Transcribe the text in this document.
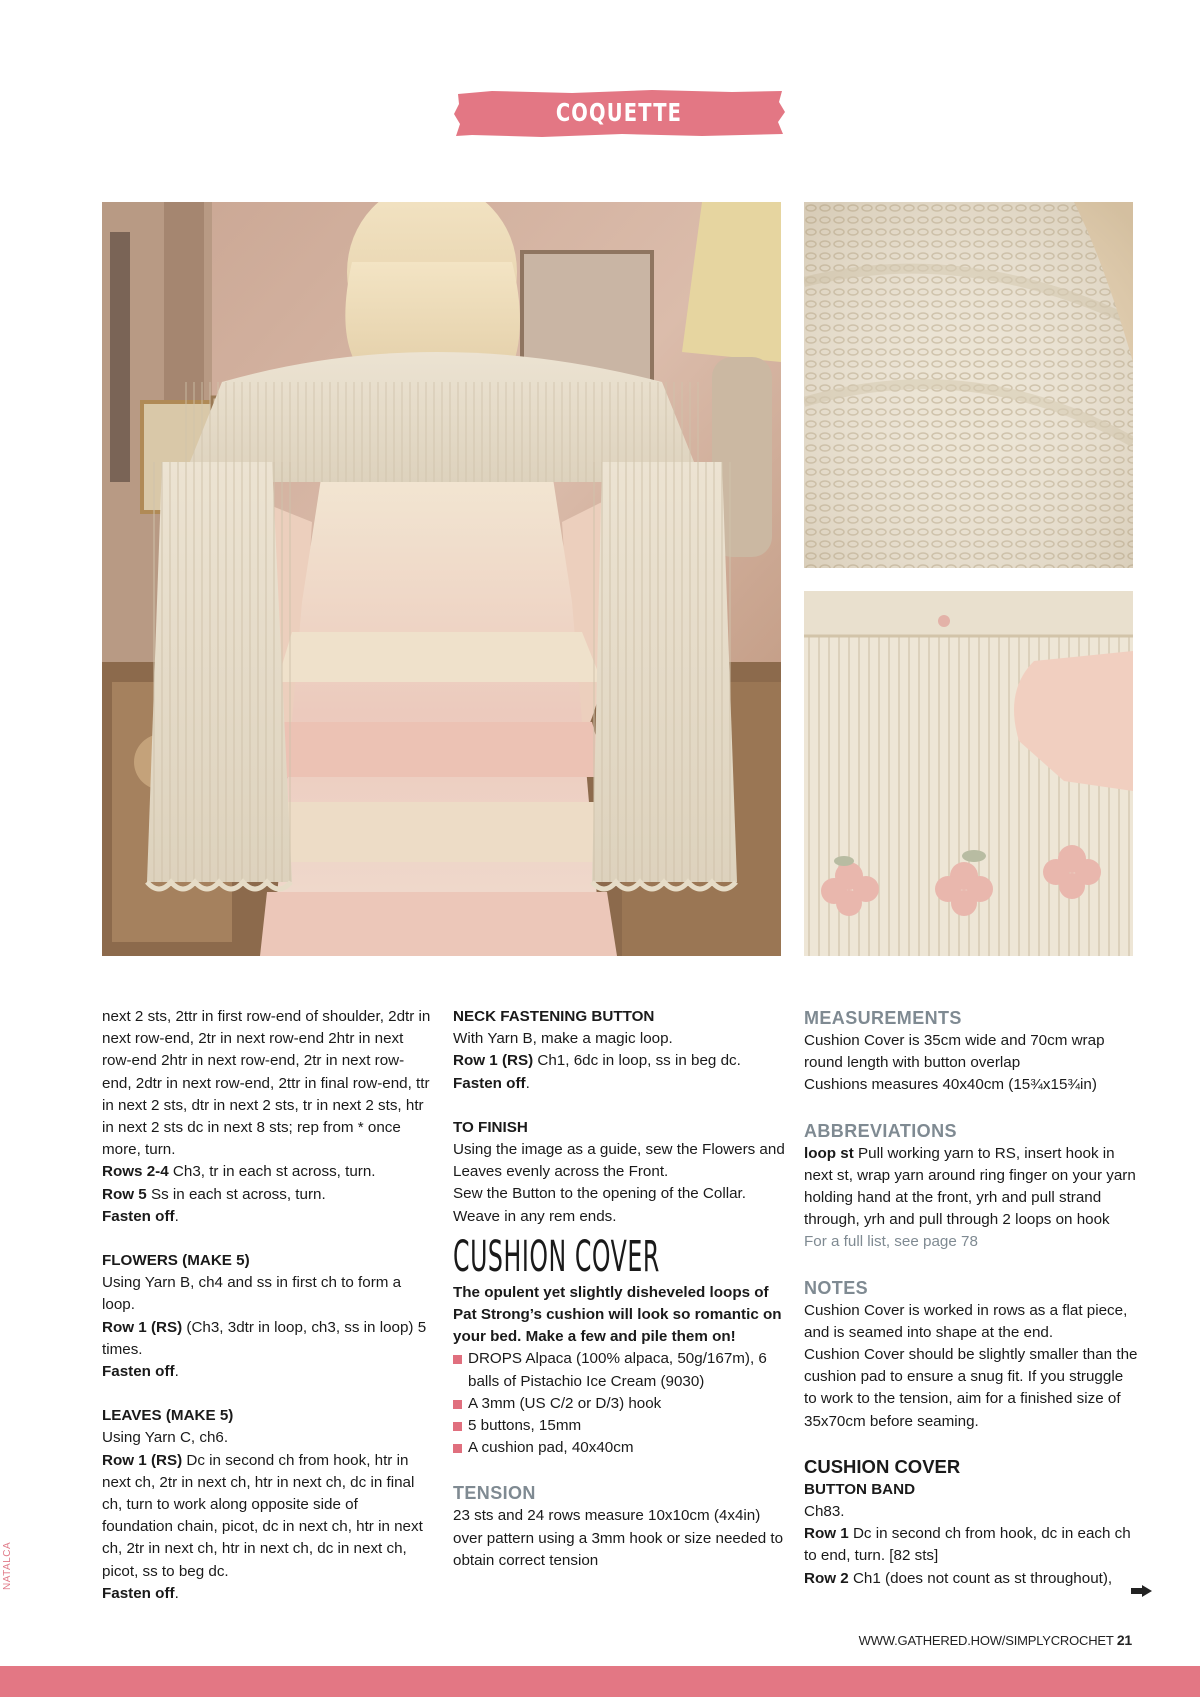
COQUETTE COLLECTION

next 2 sts, 2ttr in first row-end of shoulder, 2dtr in next row-end, 2tr in next row-end 2htr in next row-end 2htr in next row-end, 2tr in next row-end, 2dtr in next row-end, 2ttr in final row-end, ttr in next 2 sts, dtr in next 2 sts, tr in next 2 sts, htr in next 2 sts dc in next 8 sts; rep from * once more, turn.

Rows 2-4 Ch3, tr in each st across, turn.

Row 5 Ss in each st across, turn.

Fasten off.

FLOWERS (MAKE 5)

Using Yarn B, ch4 and ss in first ch to form a loop.

Row 1 (RS) (Ch3, 3dtr in loop, ch3, ss in loop) 5 times.

Fasten off.

LEAVES (MAKE 5)

Using Yarn C, ch6.

Row 1 (RS) Dc in second ch from hook, htr in next ch, 2tr in next ch, htr in next ch, dc in final ch, turn to work along opposite side of foundation chain, picot, dc in next ch, htr in next ch, 2tr in next ch, htr in next ch, dc in next ch, picot, ss to beg dc.

Fasten off.

NECK FASTENING BUTTON

With Yarn B, make a magic loop.

Row 1 (RS) Ch1, 6dc in loop, ss in beg dc.

Fasten off.

TO FINISH

Using the image as a guide, sew the Flowers and Leaves evenly across the Front.

Sew the Button to the opening of the Collar.

Weave in any rem ends.

CUSHION COVER

The opulent yet slightly disheveled loops of Pat Strong’s cushion will look so romantic on your bed. Make a few and pile them on!

DROPS Alpaca (100% alpaca, 50g/167m), 6 balls of Pistachio Ice Cream (9030)
A 3mm (US C/2 or D/3) hook
5 buttons, 15mm
A cushion pad, 40x40cm

TENSION

23 sts and 24 rows measure 10x10cm (4x4in) over pattern using a 3mm hook or size needed to obtain correct tension

MEASUREMENTS

Cushion Cover is 35cm wide and 70cm wrap round length with button overlap

Cushions measures 40x40cm (15¾x15¾in)

ABBREVIATIONS

loop st Pull working yarn to RS, insert hook in next st, wrap yarn around ring finger on your yarn holding hand at the front, yrh and pull strand through, yrh and pull through 2 loops on hook

For a full list, see page 78

NOTES

Cushion Cover is worked in rows as a flat piece, and is seamed into shape at the end.

Cushion Cover should be slightly smaller than the cushion pad to ensure a snug fit. If you struggle to work to the tension, aim for a finished size of 35x70cm before seaming.

CUSHION COVER

BUTTON BAND

Ch83.

Row 1 Dc in second ch from hook, dc in each ch to end, turn. [82 sts]

Row 2 Ch1 (does not count as st throughout),

NATALCA
WWW.GATHERED.HOW/SIMPLYCROCHET 21
